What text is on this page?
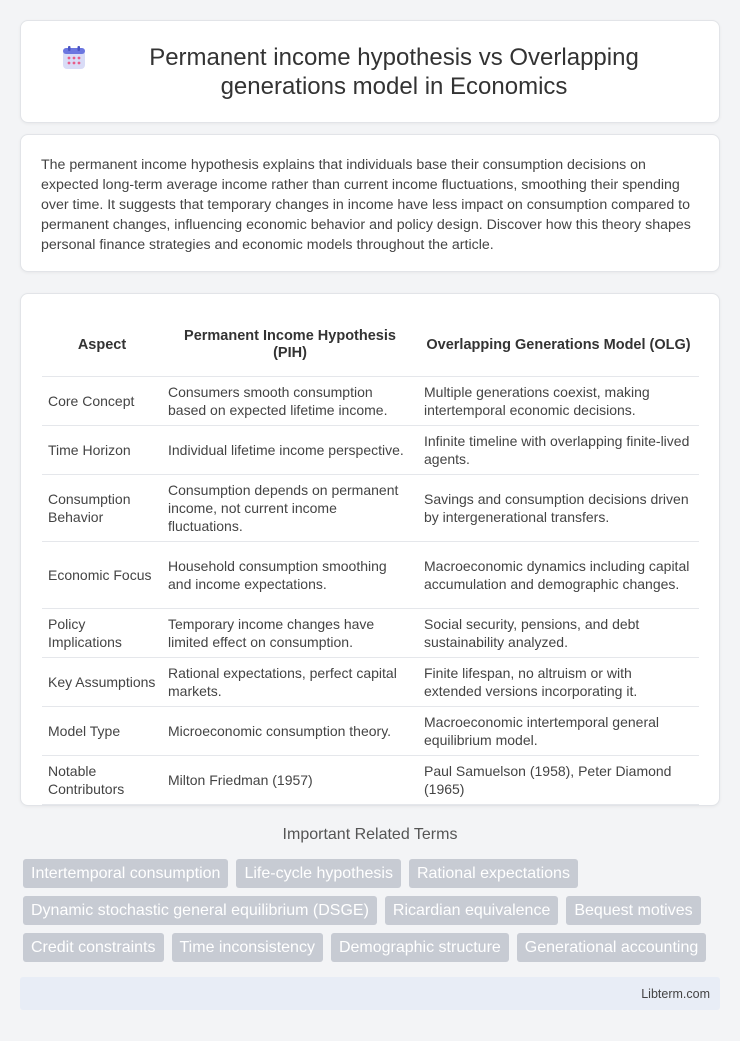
Permanent income hypothesis vs Overlapping generations model in Economics

The permanent income hypothesis explains that individuals base their consumption decisions on expected long-term average income rather than current income fluctuations, smoothing their spending over time. It suggests that temporary changes in income have less impact on consumption compared to permanent changes, influencing economic behavior and policy design. Discover how this theory shapes personal finance strategies and economic models throughout the article.

Aspect	Permanent Income Hypothesis (PIH)	Overlapping Generations Model (OLG)
Core Concept	Consumers smooth consumption based on expected lifetime income.	Multiple generations coexist, making intertemporal economic decisions.
Time Horizon	Individual lifetime income perspective.	Infinite timeline with overlapping finite-lived agents.
Consumption Behavior	Consumption depends on permanent income, not current income fluctuations.	Savings and consumption decisions driven by intergenerational transfers.
Economic Focus	Household consumption smoothing and income expectations.	Macroeconomic dynamics including capital accumulation and demographic changes.
Policy Implications	Temporary income changes have limited effect on consumption.	Social security, pensions, and debt sustainability analyzed.
Key Assumptions	Rational expectations, perfect capital markets.	Finite lifespan, no altruism or with extended versions incorporating it.
Model Type	Microeconomic consumption theory.	Macroeconomic intertemporal general equilibrium model.
Notable Contributors	Milton Friedman (1957)	Paul Samuelson (1958), Peter Diamond (1965)
Important Related Terms
Intertemporal consumption	Life-cycle hypothesis	Rational expectations
Dynamic stochastic general equilibrium (DSGE)	Ricardian equivalence	Bequest motives
Credit constraints	Time inconsistency	Demographic structure	Generational accounting
Libterm.com
